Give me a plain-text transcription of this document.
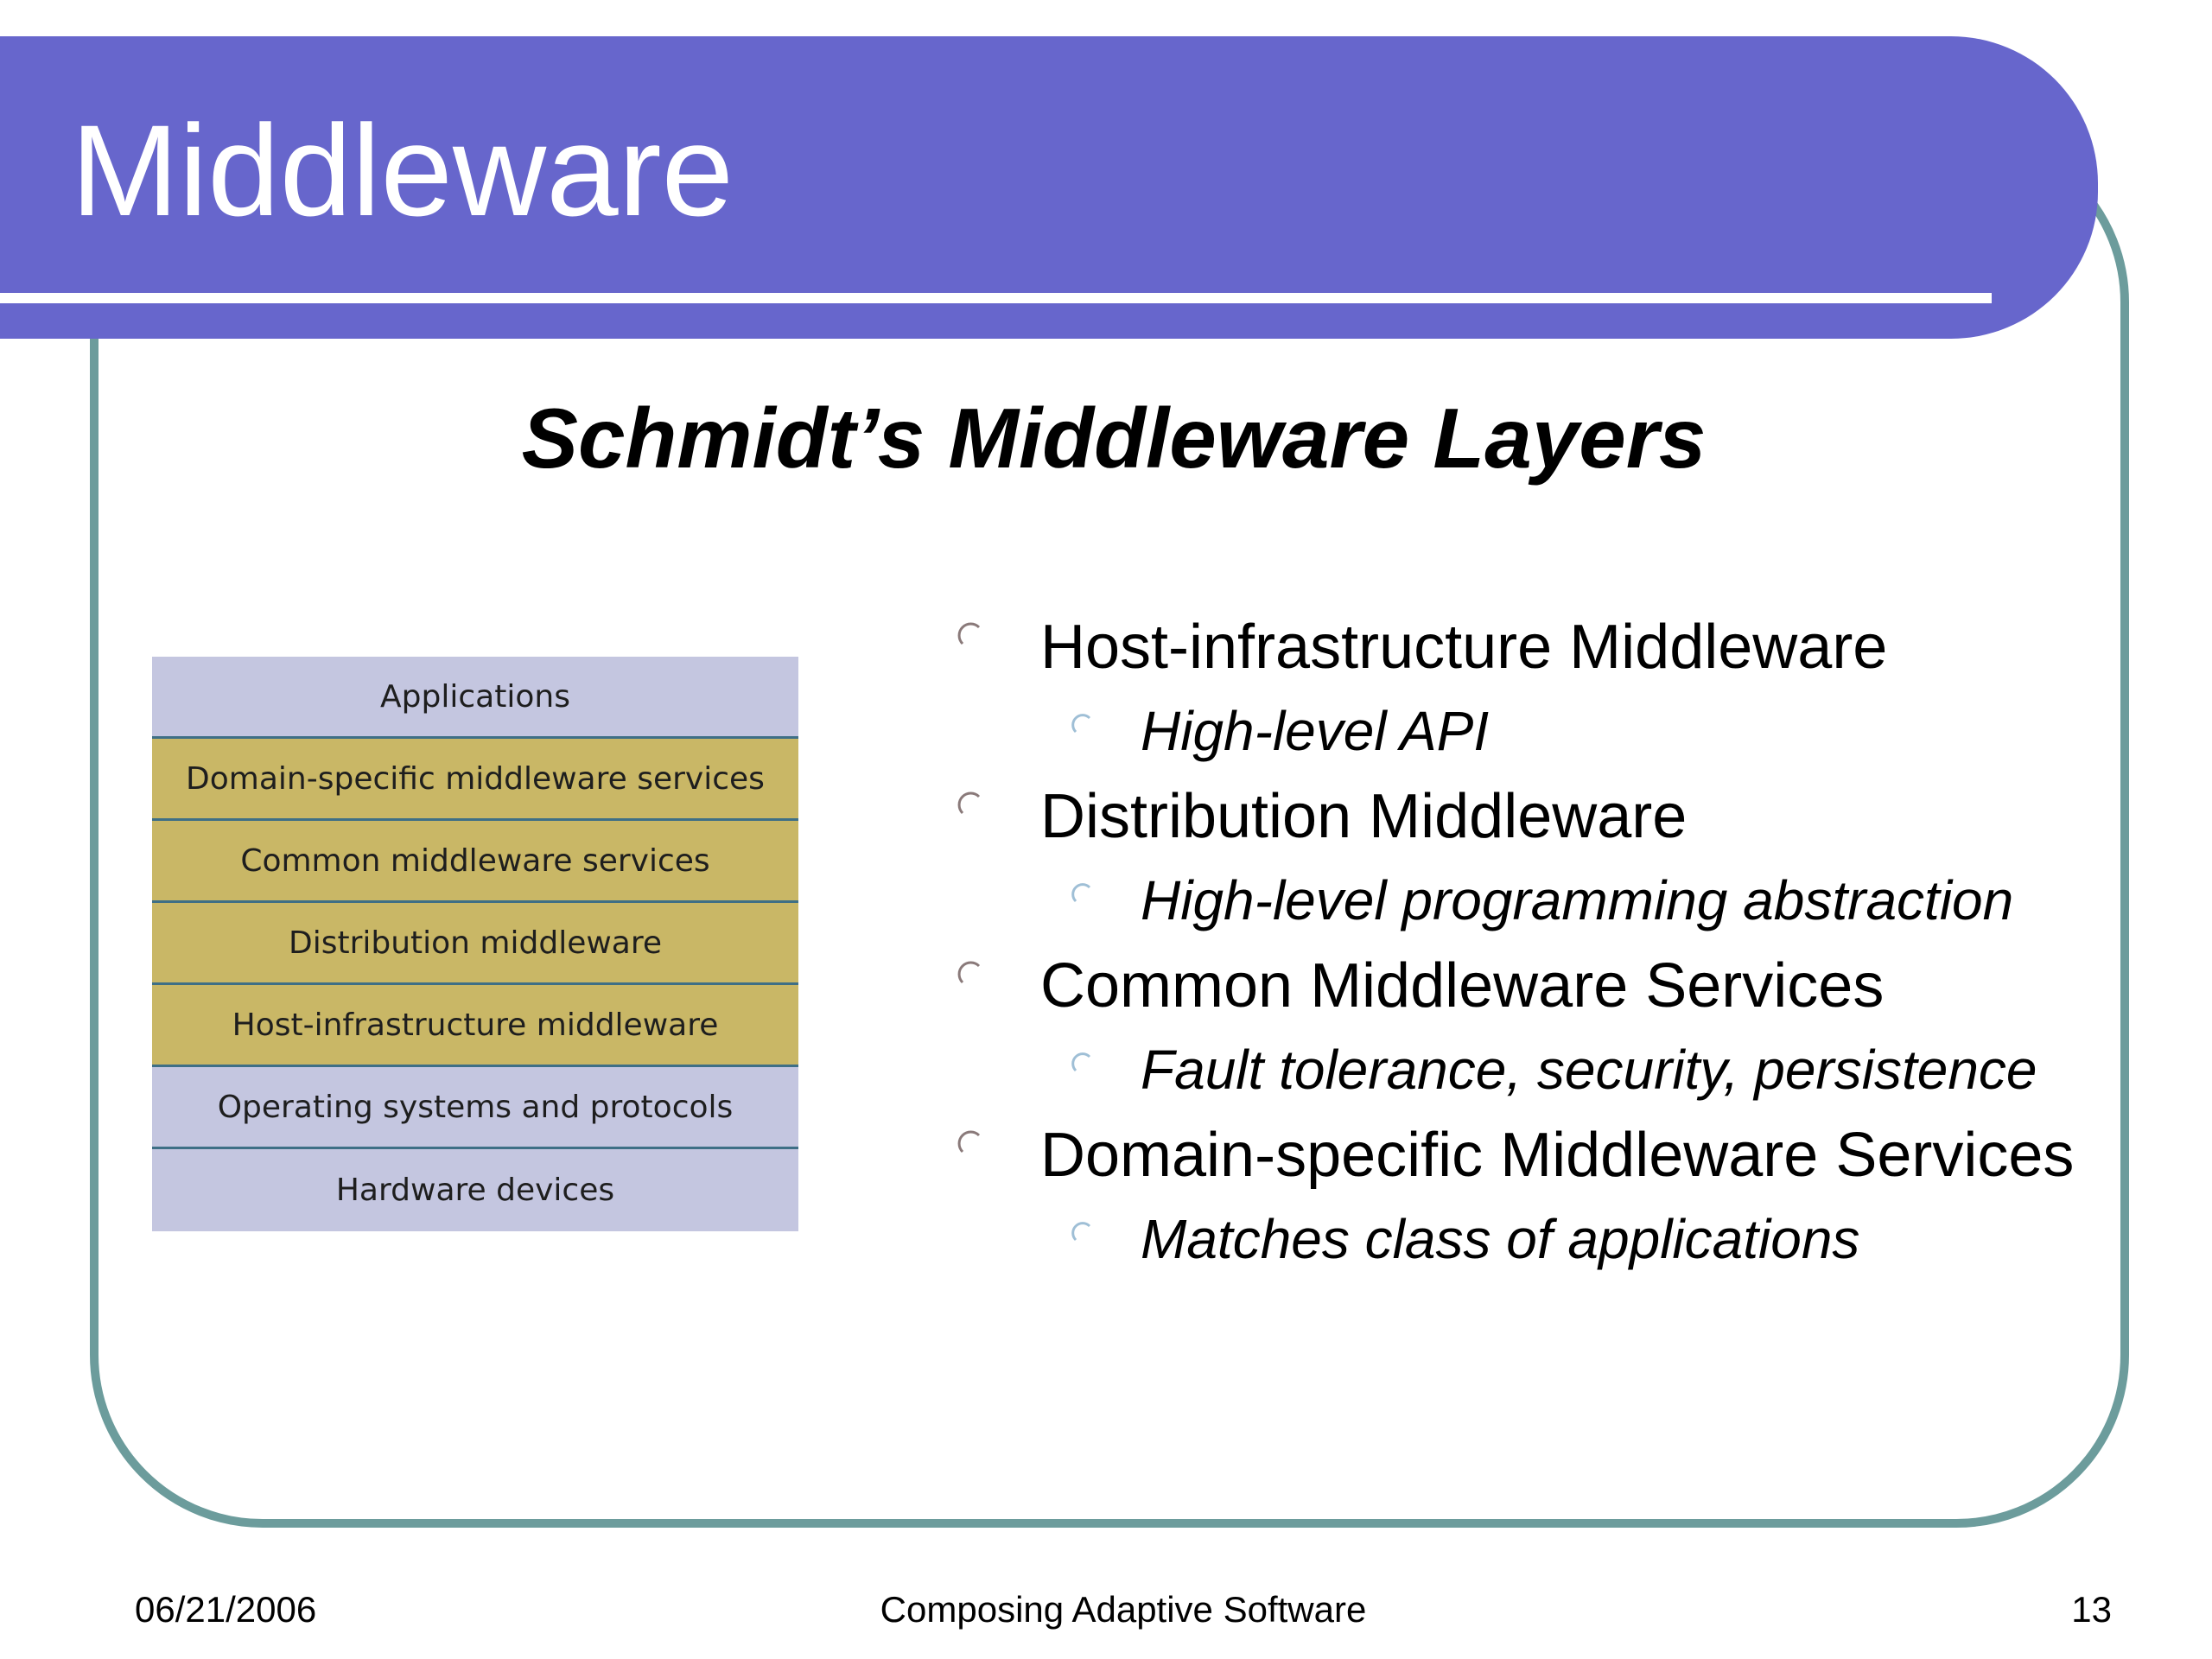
Middleware
Schmidt’s Middleware Layers
Applications
Domain-specific middleware services
Common middleware services
Distribution middleware
Host-infrastructure middleware
Operating systems and protocols
Hardware devices
Host-infrastructure Middleware
High-level API
Distribution Middleware
High-level programming abstraction
Common Middleware Services
Fault tolerance, security, persistence
Domain-specific Middleware Services
Matches class of applications
06/21/2006	Composing Adaptive Software	13
